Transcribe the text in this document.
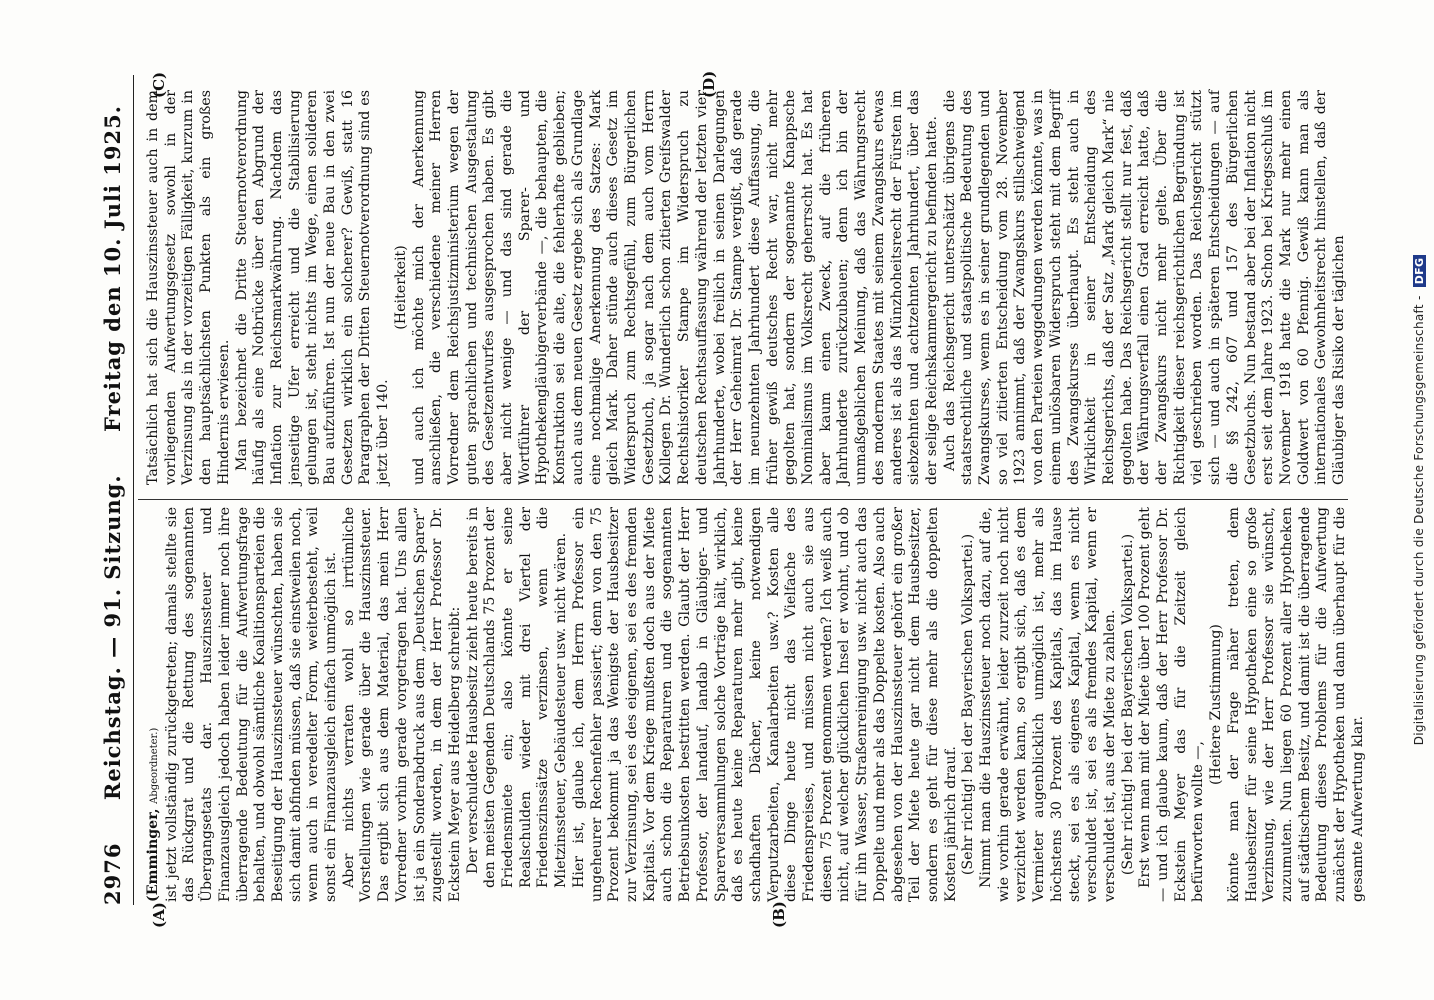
2976
Reichstag. — 91. Sitzung.
Freitag den 10. Juli 1925.
(A)	(B)
(C)	(D)

(Emminger, Abgeordneter.) ist jetzt vollständig zurückgetreten; damals stellte sie das Rückgrat und die Rettung des sogenannten Übergangsetats dar. Hauszinssteuer und Finanzausgleich jedoch haben leider immer noch ihre überragende Bedeutung für die Aufwertungsfrage behalten, und obwohl sämtliche Koalitionsparteien die Beseitigung der Hauszinssteuer wünschten, haben sie sich damit abfinden müssen, daß sie einstweilen noch, wenn auch in veredelter Form, weiterbesteht, weil sonst ein Finanzausgleich einfach unmöglich ist. Aber nichts verraten wohl so irrtümliche Vorstellungen wie gerade über die Hauszinssteuer. Das ergibt sich aus dem Material, das mein Herr Vorredner vorhin gerade vorgetragen hat. Uns allen ist ja ein Sonderabdruck aus dem „Deutschen Sparer“ zugestellt worden, in dem der Herr Professor Dr. Eckstein Meyer aus Heidelberg schreibt: Der verschuldete Hausbesitz zieht heute bereits in den meisten Gegenden Deutschlands 75 Prozent der Friedensmiete ein; also könnte er seine Realschulden wieder mit drei Viertel der Friedenszinssätze verzinsen, wenn die Mietzinssteuer, Gebäudesteuer usw. nicht wären. Hier ist, glaube ich, dem Herrn Professor ein ungeheurer Rechenfehler passiert; denn von den 75 Prozent bekommt ja das Wenigste der Hausbesitzer zur Verzinsung, sei es des eigenen, sei es des fremden Kapitals. Vor dem Kriege mußten doch aus der Miete auch schon die Reparaturen und die sogenannten Betriebsunkosten bestritten werden. Glaubt der Herr Professor, der landauf, landab in Gläubiger- und Sparerversammlungen solche Vorträge hält, wirklich, daß es heute keine Reparaturen mehr gibt, keine schadhaften Dächer, keine notwendigen Verputzarbeiten, Kanalarbeiten usw.? Kosten alle diese Dinge heute nicht das Vielfache des Friedenspreises, und müssen nicht auch sie aus diesen 75 Prozent genommen werden? Ich weiß auch nicht, auf welcher glücklichen Insel er wohnt, und ob für ihn Wasser, Straßenreinigung usw. nicht auch das Doppelte und mehr als das Doppelte kosten. Also auch abgesehen von der Hauszinssteuer gehört ein großer Teil der Miete heute gar nicht dem Hausbesitzer, sondern es geht für diese mehr als die doppelten Kosten jährlich drauf. (Sehr richtig! bei der Bayerischen Volkspartei.) Nimmt man die Hauszinssteuer noch dazu, auf die, wie vorhin gerade erwähnt, leider zurzeit noch nicht verzichtet werden kann, so ergibt sich, daß es dem Vermieter augenblicklich unmöglich ist, mehr als höchstens 30 Prozent des Kapitals, das im Hause steckt, sei es als eigenes Kapital, wenn es nicht verschuldet ist, sei es als fremdes Kapital, wenn er verschuldet ist, aus der Miete zu zahlen. (Sehr richtig! bei der Bayerischen Volkspartei.) Erst wenn man mit der Miete über 100 Prozent geht — und ich glaube kaum, daß der Herr Professor Dr. Eckstein Meyer das für die Zeitzeit gleich befürworten wollte —,

(Heitere Zustimmung) könnte man der Frage näher treten, dem Hausbesitzer für seine Hypotheken eine so große Verzinsung, wie der Herr Professor sie wünscht, zuzumuten. Nun liegen 60 Prozent aller Hypotheken auf städtischem Besitz, und damit ist die überragende Bedeutung dieses Problems für die Aufwertung zunächst der Hypotheken und dann überhaupt für die gesamte Aufwertung klar.

Tatsächlich hat sich die Hauszinssteuer auch in dem vorliegenden Aufwertungsgesetz sowohl in der Verzinsung als in der vorzeitigen Fälligkeit, kurzum in den hauptsächlichsten Punkten als ein großes Hindernis erwiesen. Man bezeichnet die Dritte Steuernotverordnung häufig als eine Notbrücke über den Abgrund der Inflation zur Reichsmarkwährung. Nachdem das jenseitige Ufer erreicht und die Stabilisierung gelungen ist, steht nichts im Wege, einen solideren Bau aufzuführen. Ist nun der neue Bau in den zwei Gesetzen wirklich ein solcherer? Gewiß, statt 16 Paragraphen der Dritten Steuernotverordnung sind es jetzt über 140.

(Heiterkeit) und auch ich möchte mich der Anerkennung anschließen, die verschiedene meiner Herren Vorredner dem Reichsjustizministerium wegen der guten sprachlichen und technischen Ausgestaltung des Gesetzentwurfes ausgesprochen haben. Es gibt aber nicht wenige — und das sind gerade die Wortführer der Sparer- und Hypothekengläubigerverbände —, die behaupten, die Konstruktion sei die alte, die fehlerhafte geblieben; auch aus dem neuen Gesetz ergebe sich als Grundlage eine nochmalige Anerkennung des Satzes: Mark gleich Mark. Daher stünde auch dieses Gesetz im Widerspruch zum Rechtsgefühl, zum Bürgerlichen Gesetzbuch, ja sogar nach dem auch vom Herrn Kollegen Dr. Wunderlich schon zitierten Greifswalder Rechtshistoriker Stampe im Widerspruch zu deutschen Rechtsauffassung während der letzten vier Jahrhunderte, wobei freilich in seinen Darlegungen der Herr Geheimrat Dr. Stampe vergißt, daß gerade im neunzehnten Jahrhundert diese Auffassung, die früher gewiß deutsches Recht war, nicht mehr gegolten hat, sondern der sogenannte Knappsche Nominalismus im Volksrecht geherrscht hat. Es hat aber kaum einen Zweck, auf die früheren Jahrhunderte zurückzubauen; denn ich bin der unmaßgeblichen Meinung, daß das Währungsrecht des modernen Staates mit seinem Zwangskurs etwas anderes ist als das Münzhoheitsrecht der Fürsten im siebzehnten und achtzehnten Jahrhundert, über das der selige Reichskammergericht zu befinden hatte. Auch das Reichsgericht unterschätzt übrigens die staatsrechtliche und staatspolitische Bedeutung des Zwangskurses, wenn es in seiner grundlegenden und so viel zitierten Entscheidung vom 28. November 1923 annimmt, daß der Zwangskurs stillschweigend von den Parteien weggedungen werden könnte, was in einem unlösbaren Widerspruch steht mit dem Begriff des Zwangskurses überhaupt. Es steht auch in Wirklichkeit in seiner Entscheidung des Reichsgerichts, daß der Satz „Mark gleich Mark“ nie gegolten habe. Das Reichsgericht stellt nur fest, daß der Währungsverfall einen Grad erreicht hatte, daß der Zwangskurs nicht mehr gelte. Über die Richtigkeit dieser reichsgerichtlichen Begründung ist viel geschrieben worden. Das Reichsgericht stützt sich — und auch in späteren Entscheidungen — auf die §§ 242, 607 und 157 des Bürgerlichen Gesetzbuchs. Nun bestand aber bei der Inflation nicht erst seit dem Jahre 1923. Schon bei Kriegsschluß im November 1918 hatte die Mark nur mehr einen Goldwert von 60 Pfennig. Gewiß kann man als internationales Gewohnheitsrecht hinstellen, daß der Gläubiger das Risiko der täglichen	Digitalisierung gefördert durch die Deutsche Forschungsgemeinschaft - DFG
